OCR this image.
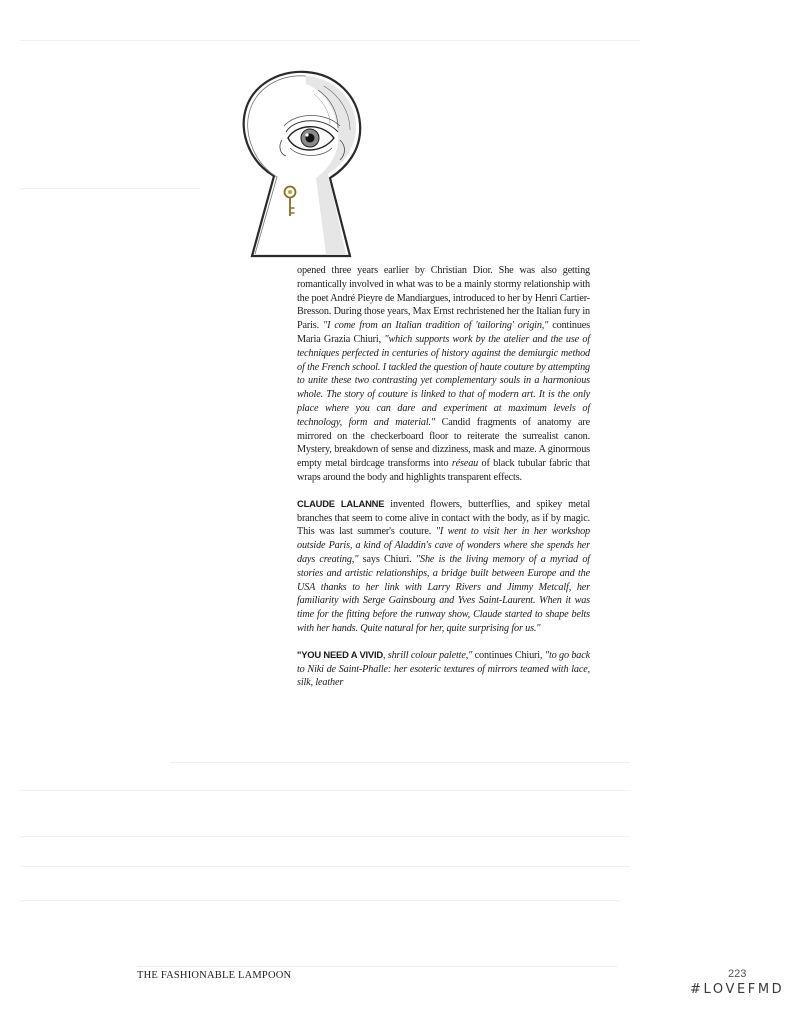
opened three years earlier by Christian Dior. She was also getting romantically involved in what was to be a mainly stormy relationship with the poet André Pieyre de Mandiargues, introduced to her by Henri Cartier-Bresson. During those years, Max Ernst rechristened her the Italian fury in Paris. "I come from an Italian tradition of 'tailoring' origin," continues Maria Grazia Chiuri, "which supports work by the atelier and the use of techniques perfected in centuries of history against the demiurgic method of the French school. I tackled the question of haute couture by attempting to unite these two contrasting yet complementary souls in a harmonious whole. The story of couture is linked to that of modern art. It is the only place where you can dare and experiment at maximum levels of technology, form and material." Candid fragments of anatomy are mirrored on the checkerboard floor to reiterate the surrealist canon. Mystery, breakdown of sense and dizziness, mask and maze. A ginormous empty metal birdcage transforms into réseau of black tubular fabric that wraps around the body and highlights transparent effects.

CLAUDE LALANNE invented flowers, butterflies, and spikey metal branches that seem to come alive in contact with the body, as if by magic. This was last summer's couture. "I went to visit her in her workshop outside Paris, a kind of Aladdin's cave of wonders where she spends her days creating," says Chiuri. "She is the living memory of a myriad of stories and artistic relationships, a bridge built between Europe and the USA thanks to her link with Larry Rivers and Jimmy Metcalf, her familiarity with Serge Gainsbourg and Yves Saint-Laurent. When it was time for the fitting before the runway show, Claude started to shape belts with her hands. Quite natural for her, quite surprising for us."

"YOU NEED A VIVID, shrill colour palette," continues Chiuri, "to go back to Niki de Saint-Phalle: her esoteric textures of mirrors teamed with lace, silk, leather

THE FASHIONABLE LAMPOON	223
#LOVEFMD
